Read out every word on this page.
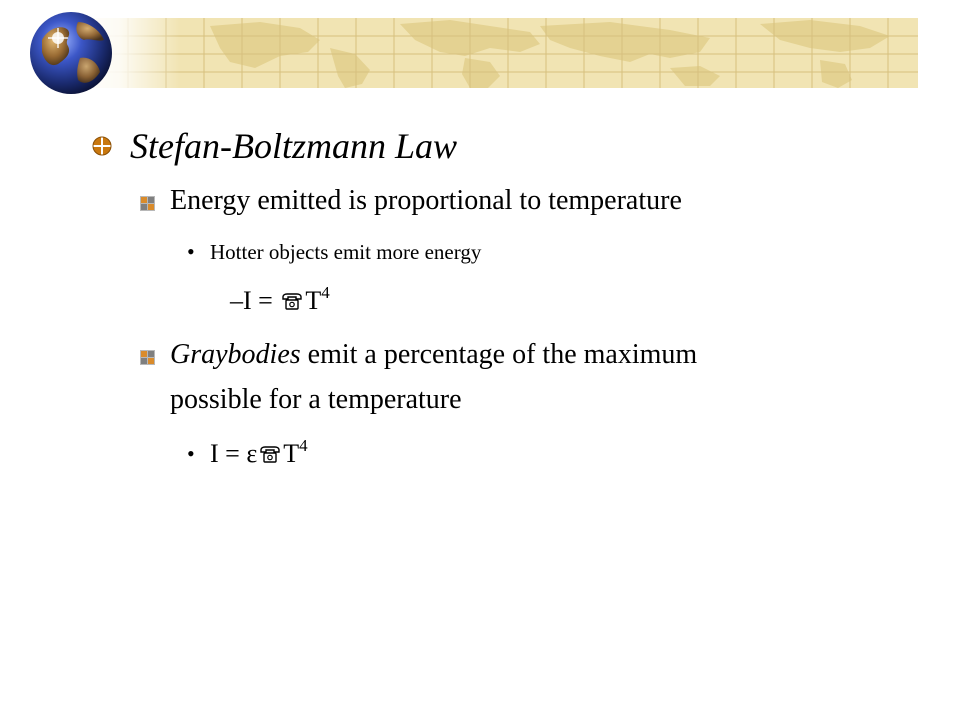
Stefan-Boltzmann Law
Energy emitted is proportional to temperature
• Hotter objects emit more energy
$-I = T^4$
Graybodies emit a percentage of the maximum
possible for a temperature
• I = ε $T^4$
